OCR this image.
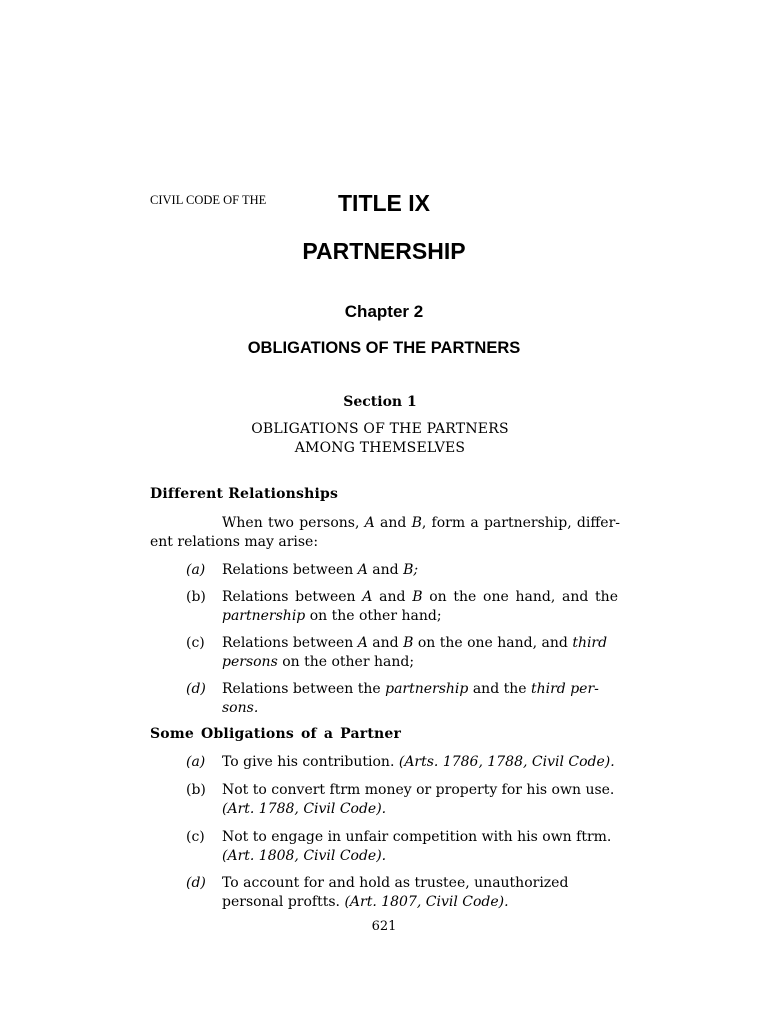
CIVIL CODE OF THE	TITLE IX
PARTNERSHIP
Chapter 2
OBLIGATIONS OF THE PARTNERS
Section 1
OBLIGATIONS OF THE PARTNERS
AMONG THEMSELVES
Different Relationships
When two persons, A and B, form a partnership, differ-
ent relations may arise:
(a)	Relations between A and B;
(b)	Relations between A and B on the one hand, and the
partnership on the other hand;
(c)	Relations between A and B on the one hand, and third
persons on the other hand;
(d)	Relations between the partnership and the third per-
sons.
Some Obligations of a Partner
(a)	To give his contribution. (Arts. 1786, 1788, Civil Code).
(b)	Not to convert ftrm money or property for his own use.
(Art. 1788, Civil Code).
(c)	Not to engage in unfair competition with his own ftrm.
(Art. 1808, Civil Code).
(d)	To account for and hold as trustee, unauthorized
personal proftts. (Art. 1807, Civil Code).
621
